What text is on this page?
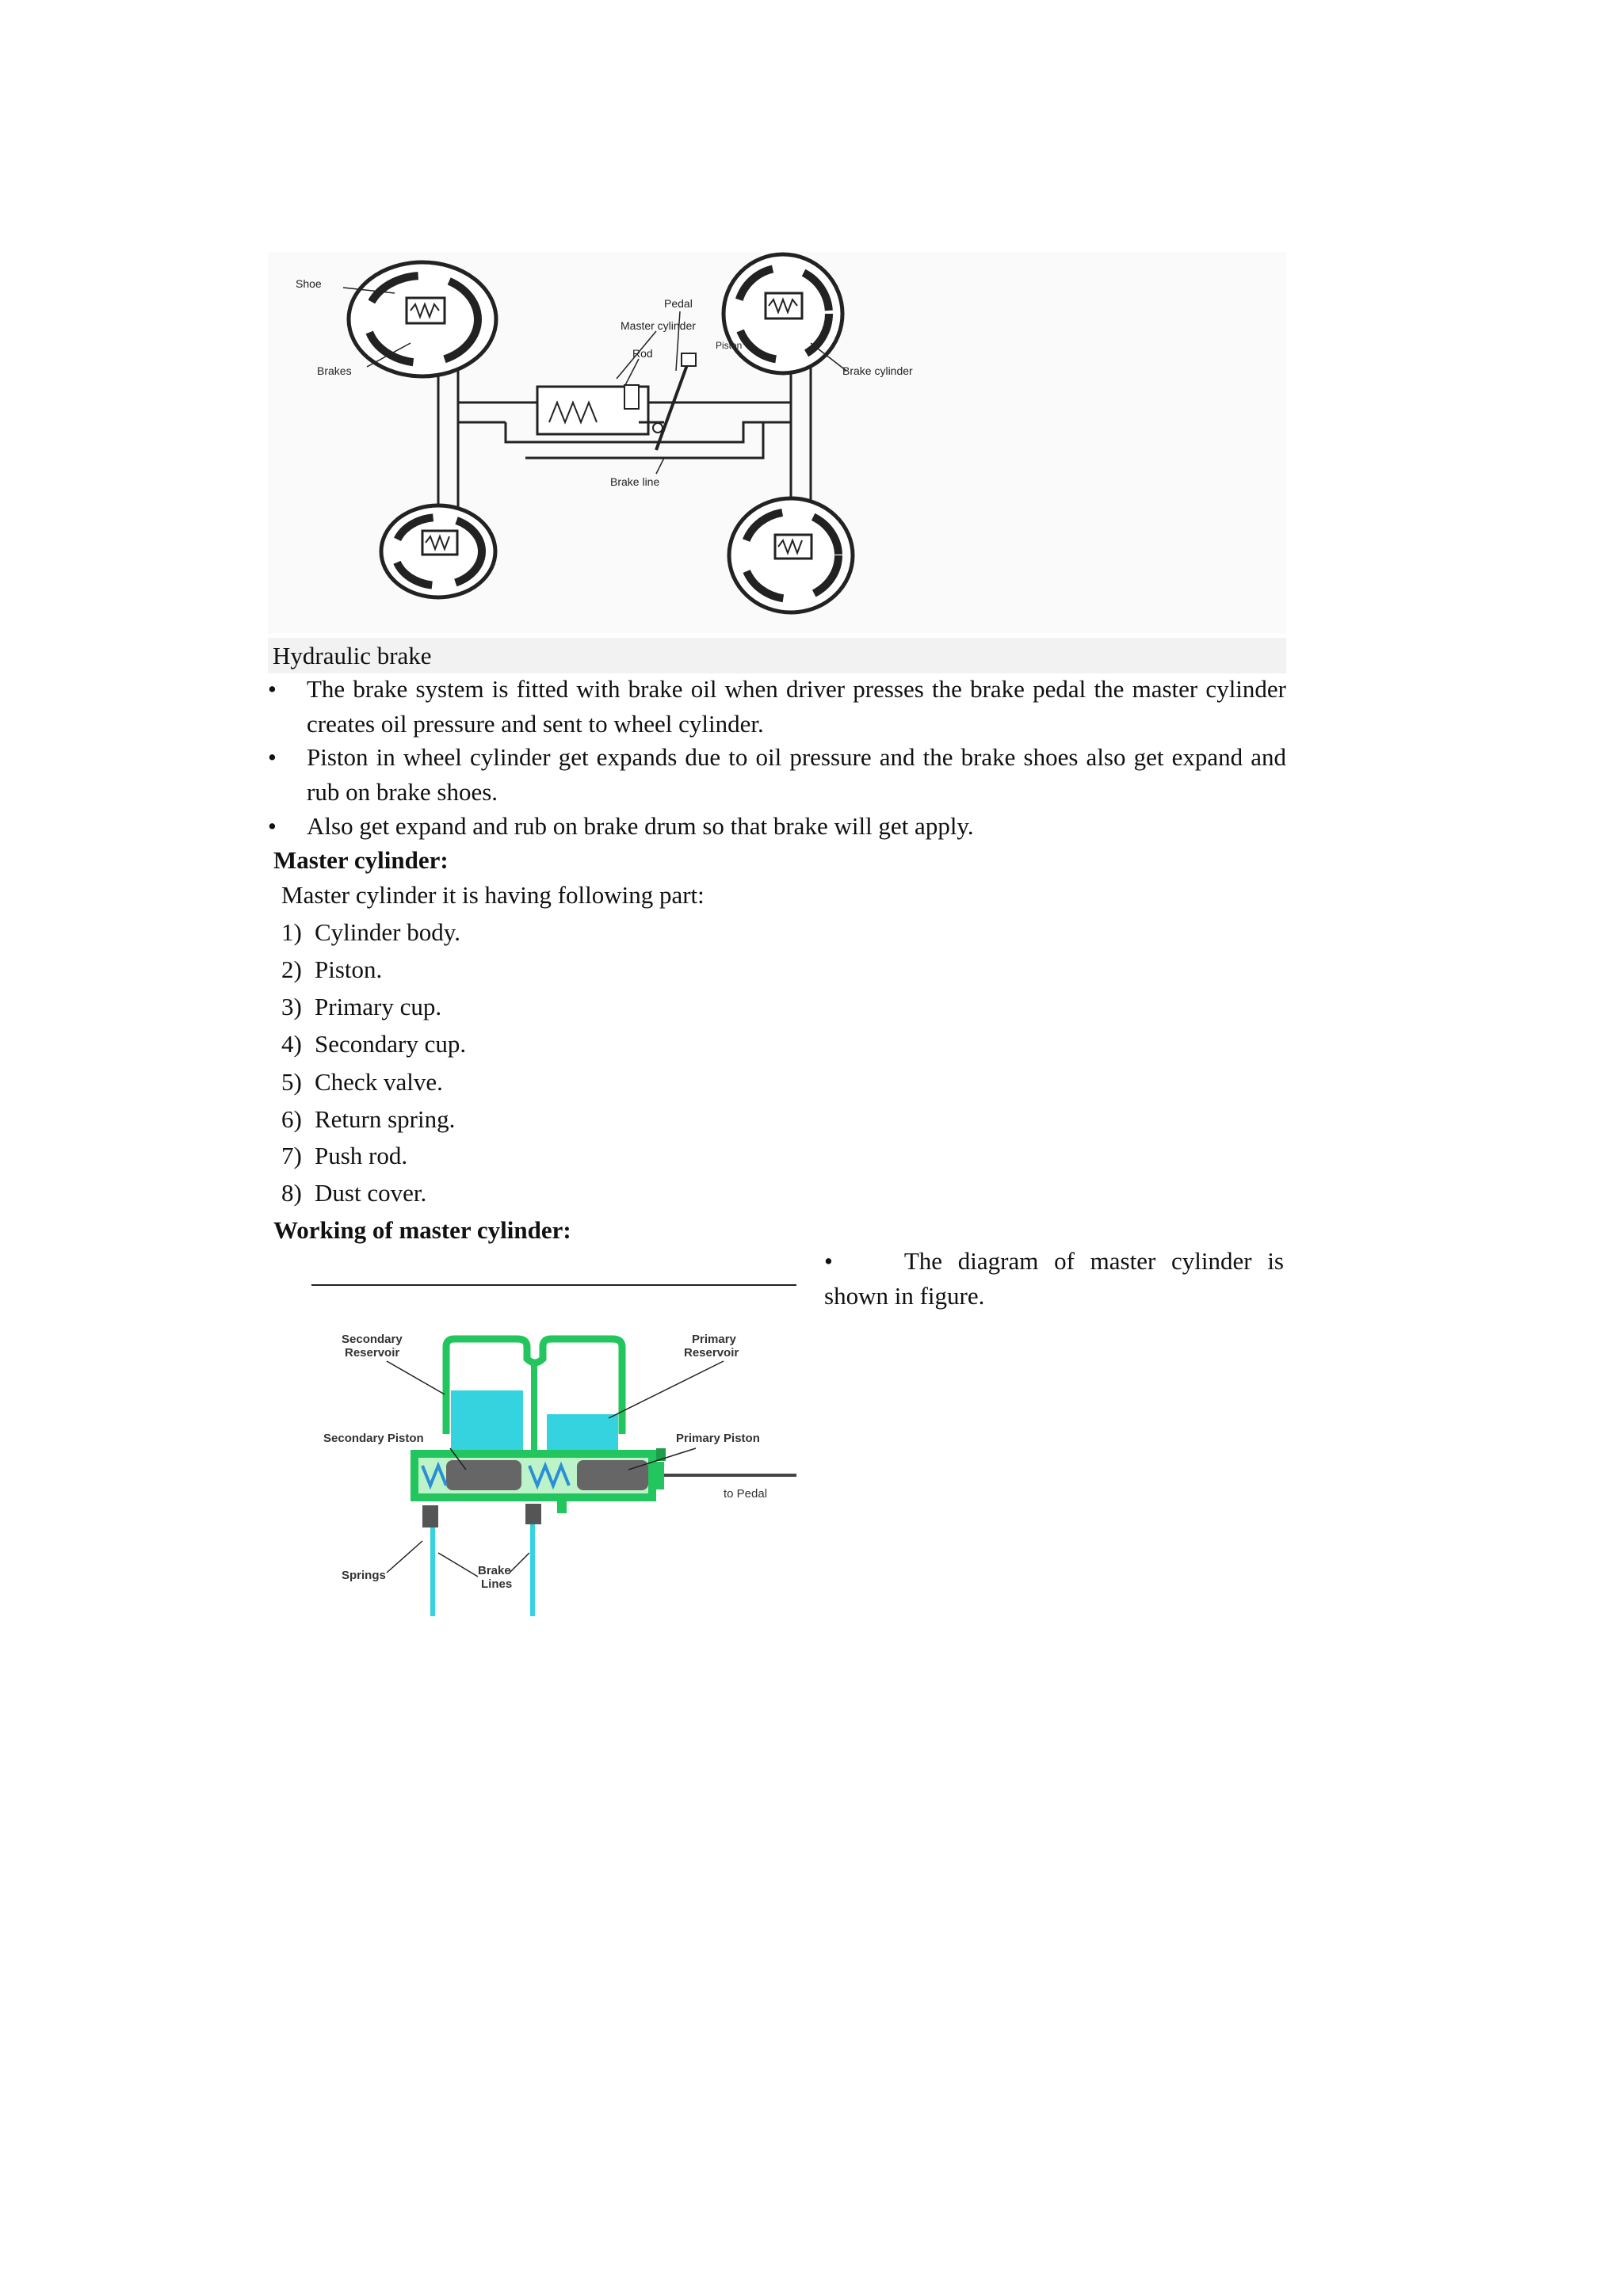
Shoe
Pedal
Master cylinder
Piston
Rod
Brakes	Brake cylinder
Brake line
Hydraulic brake
•	The brake system is fitted with brake oil when driver presses the brake pedal the master cylinder creates oil pressure and sent to wheel cylinder.
•	Piston in wheel cylinder get expands due to oil pressure and the brake shoes also get expand and rub on brake shoes.
•	Also get expand and rub on brake drum so that brake will get apply.
Master cylinder:
Master cylinder it is having following part:
1) Cylinder body.
2) Piston.
3) Primary cup.
4) Secondary cup.
5) Check valve.
6) Return spring.
7) Push rod.
8) Dust cover.
Working of master cylinder:
•	The diagram of master cylinder is shown in figure.
Secondary
Reservoir
Primary
Reservoir
Secondary Piston	Primary Piston
to Pedal
Springs	Brake
Lines
